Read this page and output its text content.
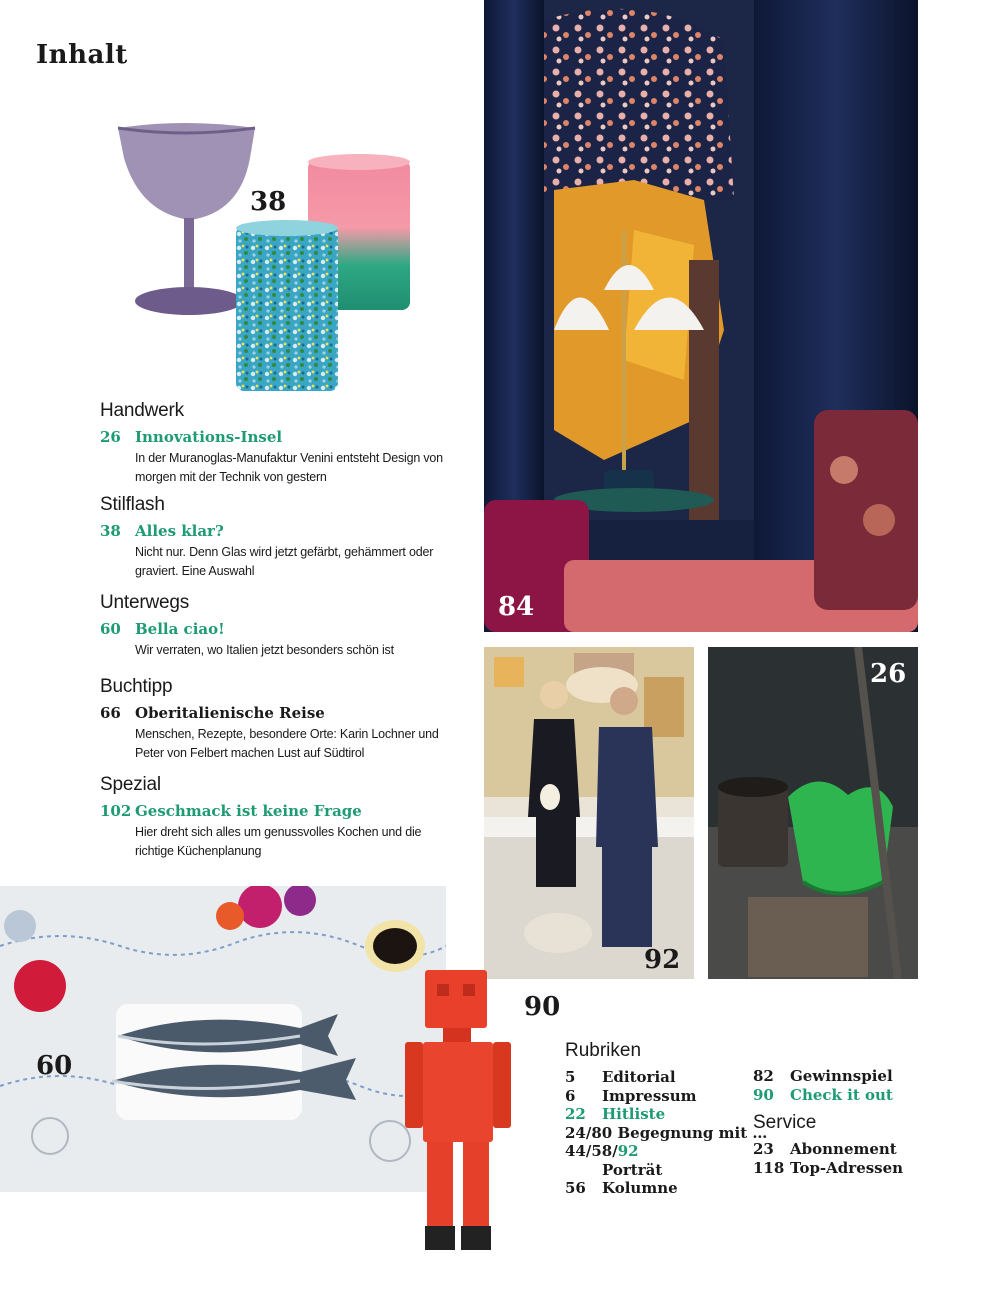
Inhalt
38
Handwerk
26 Innovations-Insel
In der Muranoglas-Manufaktur Venini entsteht Design von morgen mit der Technik von gestern
Stilflash
38 Alles klar?
Nicht nur. Denn Glas wird jetzt gefärbt, gehämmert oder graviert. Eine Auswahl
Unterwegs
60 Bella ciao!
Wir verraten, wo Italien jetzt besonders schön ist
Buchtipp
66 Oberitalienische Reise
Menschen, Rezepte, besondere Orte: Karin Lochner und Peter von Felbert machen Lust auf Südtirol
Spezial
102 Geschmack ist keine Frage
Hier dreht sich alles um genussvolles Kochen und die richtige Küchenplanung
84
92
26
60
90
Rubriken
5 Editorial
6 Impressum
22 Hitliste
24/80 Begegnung mit …
44/58/92
Porträt
56 Kolumne
82 Gewinnspiel
90 Check it out
Service
23 Abonnement
118 Top-Adressen
